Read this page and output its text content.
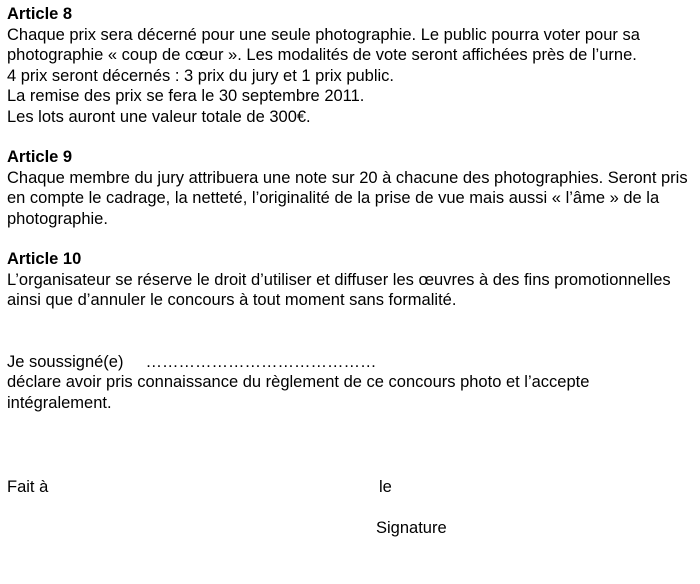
Article 8
Chaque prix sera décerné pour une seule photographie. Le public pourra voter pour sa photographie « coup de cœur ». Les modalités de vote seront affichées près de l’urne.
4 prix seront décernés : 3 prix du jury et 1 prix public.
La remise des prix se fera le 30 septembre 2011.
Les lots auront une valeur totale de 300€.
Article 9
Chaque membre du jury attribuera une note sur 20 à chacune des photographies. Seront pris en compte le cadrage, la netteté, l’originalité de la prise de vue mais aussi « l’âme » de la photographie.
Article 10
L’organisateur se réserve le droit d’utiliser et diffuser les œuvres à des fins promotionnelles ainsi que d’annuler le concours à tout moment sans formalité.
Je soussigné(e) ……………………………………
déclare avoir pris connaissance du règlement de ce concours photo et l’accepte intégralement.
Fait à	le
Signature
